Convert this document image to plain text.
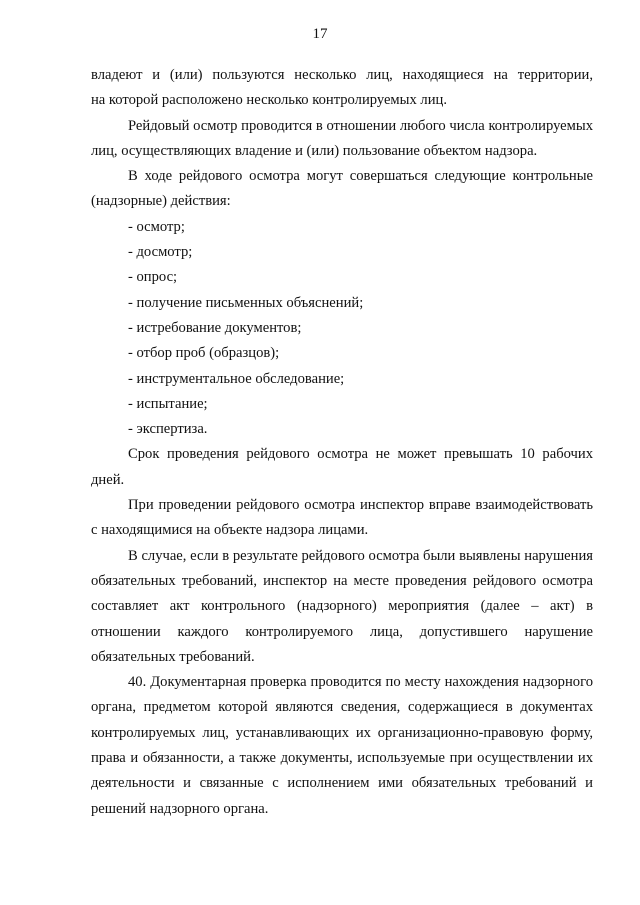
17

владеют и (или) пользуются несколько лиц, находящиеся на территории,

на которой расположено несколько контролируемых лиц.

Рейдовый осмотр проводится в отношении любого числа контролируемых лиц, осуществляющих владение и (или) пользование объектом надзора.

В ходе рейдового осмотра могут совершаться следующие контрольные (надзорные) действия:

- осмотр;

- досмотр;

- опрос;

- получение письменных объяснений;

- истребование документов;

- отбор проб (образцов);

- инструментальное обследование;

- испытание;

- экспертиза.

Срок проведения рейдового осмотра не может превышать 10 рабочих дней.

При проведении рейдового осмотра инспектор вправе взаимодействовать с находящимися на объекте надзора лицами.

В случае, если в результате рейдового осмотра были выявлены нарушения обязательных требований, инспектор на месте проведения рейдового осмотра составляет акт контрольного (надзорного) мероприятия (далее – акт) в отношении каждого контролируемого лица, допустившего нарушение обязательных требований.

40. Документарная проверка проводится по месту нахождения надзорного органа, предметом которой являются сведения, содержащиеся в документах контролируемых лиц, устанавливающих их организационно-правовую форму, права и обязанности, а также документы, используемые при осуществлении их деятельности и связанные с исполнением ими обязательных требований и решений надзорного органа.
